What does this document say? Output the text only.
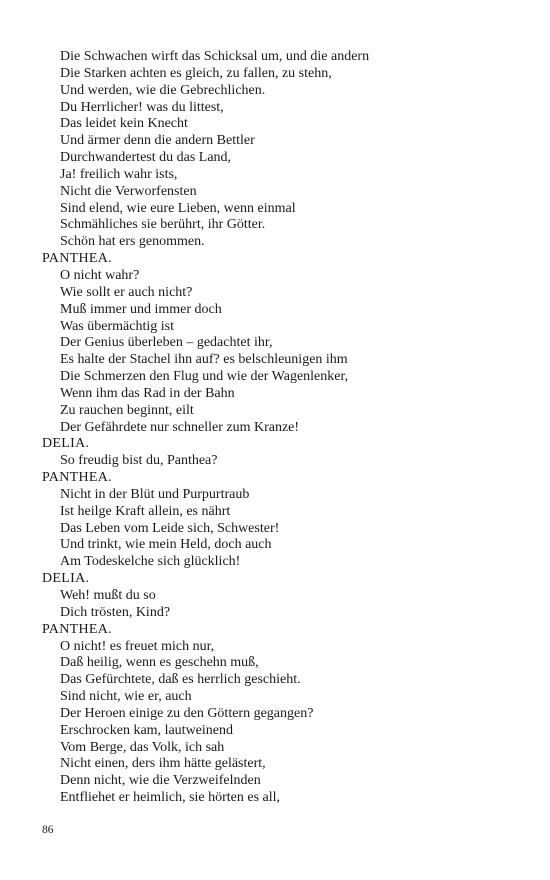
Die Schwachen wirft das Schicksal um, und die andern
Die Starken achten es gleich, zu fallen, zu stehn,
Und werden, wie die Gebrechlichen.
Du Herrlicher! was du littest,
Das leidet kein Knecht
Und ärmer denn die andern Bettler
Durchwandertest du das Land,
Ja! freilich wahr ists,
Nicht die Verworfensten
Sind elend, wie eure Lieben, wenn einmal
Schmähliches sie berührt, ihr Götter.
Schön hat ers genommen.
PANTHEA.
O nicht wahr?
Wie sollt er auch nicht?
Muß immer und immer doch
Was übermächtig ist
Der Genius überleben – gedachtet ihr,
Es halte der Stachel ihn auf? es belschleunigen ihm
Die Schmerzen den Flug und wie der Wagenlenker,
Wenn ihm das Rad in der Bahn
Zu rauchen beginnt, eilt
Der Gefährdete nur schneller zum Kranze!
DELIA.
So freudig bist du, Panthea?
PANTHEA.
Nicht in der Blüt und Purpurtraub
Ist heilge Kraft allein, es nährt
Das Leben vom Leide sich, Schwester!
Und trinkt, wie mein Held, doch auch
Am Todeskelche sich glücklich!
DELIA.
Weh! mußt du so
Dich trösten, Kind?
PANTHEA.
O nicht! es freuet mich nur,
Daß heilig, wenn es geschehn muß,
Das Gefürchtete, daß es herrlich geschieht.
Sind nicht, wie er, auch
Der Heroen einige zu den Göttern gegangen?
Erschrocken kam, lautweinend
Vom Berge, das Volk, ich sah
Nicht einen, ders ihm hätte gelästert,
Denn nicht, wie die Verzweifelnden
Entfliehet er heimlich, sie hörten es all,
86
